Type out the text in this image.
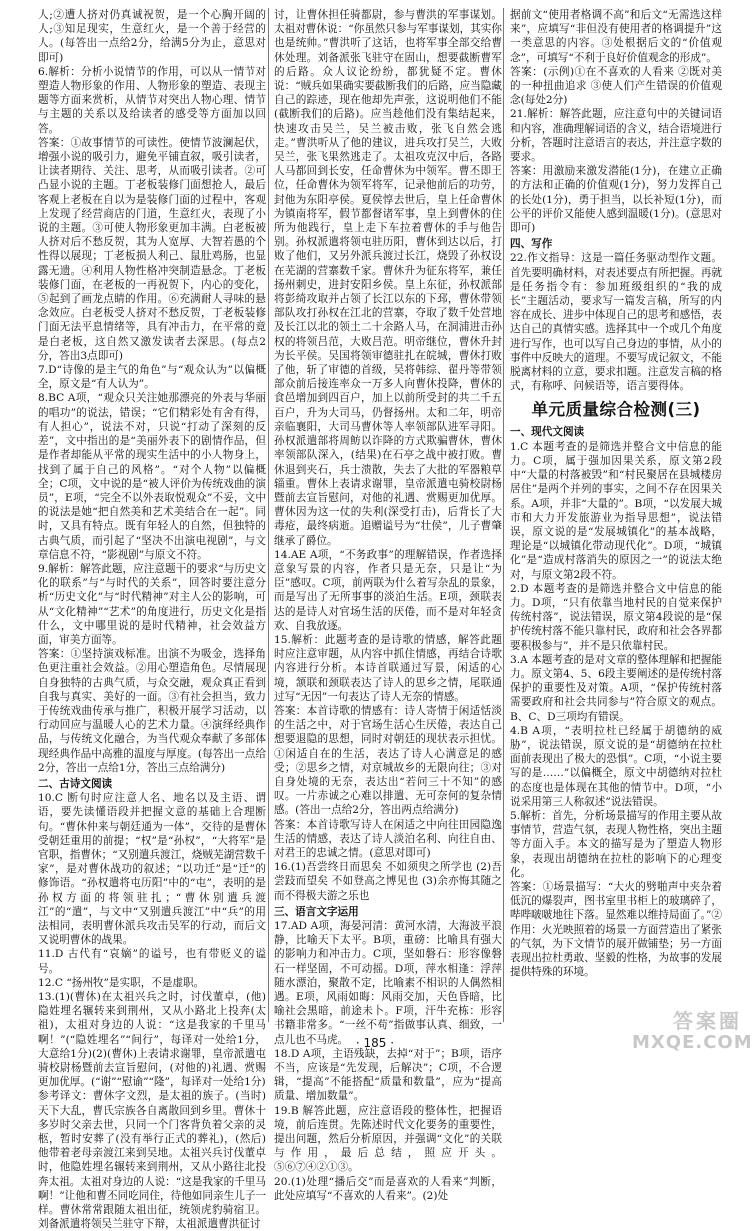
人;②遭人挤对仍真诚祝贺，是一个心胸开阔的人;③知足现实，生意红火，是一个善于经营的人。(每答出一点给2分，给满5分为止，意思对即可)

6.解析：分析小说情节的作用，可以从一情节对塑造人物形象的作用、人物形象的塑造、表现主题等方面来赏析，从情节对突出人物心理、情节与主题的关系以及给读者的感受等方面加以回答。

答案：①故事情节的可读性。使情节波澜起伏，增强小说的吸引力，避免平铺直叙，吸引读者，让读者期待、关注、思考，从而吸引读者。②可凸显小说的主题。丁老板装修门面想抢人，最后客观上老板在自以为是装修门面的过程中，客观上发现了经营商店的门道，生意红火，表现了小说的主题。③可使人物形象更加丰满。白老板被人挤对后不愁反贺，其为人宽厚、大智若愚的个性得以展现；丁老板损人利己、鼠肚鸡肠，也显露无遗。④利用人物性格冲突制造悬念。丁老板装修门面，在老板的一再祝贺下，内心的变化，⑤起到了画龙点睛的作用。⑥充满耐人寻味的悬念效应。白老板受人挤对不愁反贺，丁老板装修门面无法平息情绪等，具有冲击力，在平常的竟是白老板，这自然又激发读者去深思。(每点2分，答出3点即可)

7.D“诗像的是主气的角色”与“观众认为”以偏概全，原文是“有人认为”。

8.BC A项，“观众只关注她那漂亮的外表与华丽的唱功”的说法，错误；“它们精彩处有舍有得，有人担心”，说法不对，只说“打动了深刻的反差”，文中指出的是“美丽外表下的剧情作品，但是作者却能从平常的现实生活中的小人物身上，找到了属于自己的风格”。“对个人物”以偏概全；C项，文中说的是“被人评价为传统戏曲的演员”，E项，“完全不以外表取悦观众”不妥，文中的说法是她“把自然美和艺术美结合在一起”。同时，又具有特点。既有年轻人的自然，但独特的古典气质，而引起了“坚决不出演电视剧”，与文章信息不符，“影视剧”与原文不符。

9.解析：解答此题，应注意题干的要求“与历史文化的联系”与“与时代的关系”，回答时要注意分析“历史文化”与“时代精神”对主人公的影响，可从“文化精神”“艺术”的角度进行，历史文化是指什么，文中哪里说的是时代精神，社会效益方面，审美方面等。

答案：①坚持演戏标准。出演不为吸金，选择角色更注重社会效益。②用心塑造角色。尽情展现自身独特的古典气质，与众交融，观众真正看到自我与真实、美好的一面。③有社会担当，致力于传统戏曲传承与推广，积极开展学习活动，以行动回应与温暖人心的艺术力量。④演绎经典作品，与传统文化融合，为当代观众奉献了多部体现经典作品中高雅的温度与厚度。(每答出一点给2分，答出一点给1分，答出三点给满分)

二、古诗文阅读

10.C 断句时应注意人名、地名以及主语、谓语，要先读懂语段并把握文意的基础上合理断句。“曹休仲来与朝廷通为一体”，交待的是曹休受朝廷重用的前提；“权”是“孙权”，“大将军”是官职，指曹休；“又别遣兵渡江，烧贼芜湖营数千家”，是对曹休战功的叙述；“以功迁”是“迁”的修饰语。“孙权遣将屯历阳”中的“屯”，表明的是孙权方面的将领驻扎；“曹休别遣兵渡江”的“遣”，与文中“又别遣兵渡江”中“兵”的用法相同，表明曹休派兵攻击吴军的行动，而后文又说明曹休的战果。

11.D 古代有“哀嫡”的谥号，也有带贬义的谥号。

12.C “扬州牧”是实职，不是虚职。

13.(1)(曹休)在太祖兴兵之时，讨伐董卓，(他)隐姓埋名辗转来到荆州，又从小路北上投奔(太祖)，太祖对身边的人说：“这是我家的千里马啊！”(“隐姓埋名”“间行”，每译对一处给1分，大意给1分)(2)(曹休)上表请求谢罪，皇帝派遣屯骑校尉杨暨前去宣旨慰问，(对他的)礼遇、赏赐更加优厚。(“谢”“慰谕”“隆”，每译对一处给1分)

参考译文：曹休字文烈，是太祖的族子。(当时)天下大乱，曹氏宗族各自离散回到乡里。曹休十多岁时父亲去世，只同一个门客背负着父亲的灵柩，暂时安葬了(没有举行正式的葬礼)，(然后)他带着老母亲渡江来到吴地。太祖兴兵讨伐董卓时，他隐姓埋名辗转来到荆州，又从小路往北投奔太祖。太祖对身边的人说：“这是我家的千里马啊！”让他和曹丕同吃同住，待他如同亲生儿子一样。曹休常常跟随太祖出征，统领虎豹骑宿卫。刘备派遣将领吴兰驻守下辩，太祖派遣曹洪征讨

讨，让曹休担任骑都尉，参与曹洪的军事谋划。太祖对曹休说：“你虽然只参与军事谋划，其实你也是统帅。”曹洪听了这话，也将军事全部交给曹休处理。刘备派张飞驻守在固山，想要截断曹军的后路。众人议论纷纷，都犹疑不定。曹休说：“贼兵如果确实要截断我们的后路，应当隐藏自己的踪迹，现在他却先声张，这说明他们不能(截断我们的后路)。应当趁他们没有集结起来，快速攻击吴兰，吴兰被击败，张飞自然会逃走。”曹洪听从了他的建议，进兵攻打吴兰，大败吴兰，张飞果然逃走了。太祖攻克汉中后，各路人马都回到长安，任命曹休为中领军。曹丕即王位，任命曹休为领军将军，记录他前后的功劳，封他为东阳亭侯。夏侯惇去世后，皇上任命曹休为镇南将军，假节都督诸军事，皇上到曹休的住所为他践行，皇上走下车拉着曹休的手与他告别。孙权派遣将领屯驻历阳，曹休到达以后，打败了他们，又另外派兵渡过长江，烧毁了孙权设在芜湖的营寨数千家。曹休升为征东将军，兼任扬州刺史，进封安阳乡侯。皇上东征，孙权派部将彭绮攻取并占领了长江以东的下邳，曹休带领部队攻打孙权在江北的营寨，夺取了数千处营地及长江以北的领土二十余路人马，在洞浦进击孙权的将领吕范，大败吕范。明帝继位，曹休升封为长平侯。吴国将领审德驻扎在皖城，曹休打败了他，斩了审德的首级，吴将韩综、翟丹等带领部众前后接连率众一万多人向曹休投降，曹休的食邑增加到四百户，加上以前所受封的共二千五百户，升为大司马，仍督扬州。太和二年，明帝亲临襄阳，大司马曹休等人率领部队进军寻阳。孙权派遣部将周鲂以诈降的方式欺骗曹休，曹休率领部队深入，(结果)在石亭之战中被打败。曹休退到夹石，兵士溃散，失去了大批的军器粮草辎重。曹休上表请求谢罪，皇帝派遣屯骑校尉杨暨前去宣旨慰问，对他的礼遇、赏赐更加优厚。曹休因为这一仗的失利(深受打击)，后背长了大毒疮，最终病逝。追赠谥号为“壮侯”，儿子曹肇继承了爵位。

14.AE A项，“不务政事”的理解错误，作者选择意象写景的内容，作者只是无奈，只是让“为臣”感叹。C项，前两联为什么着写杂乱的景象，而是写出了无所事事的淡泊生活。E项，颈联表达的是诗人对官场生活的厌倦，而不是对年轻贪欢、自我放逐。

15.解析：此题考查的是诗歌的情感，解答此题时应注意审题，从内容中抓住情感，再结合诗歌内容进行分析。本诗首联通过写景，闲适的心境，颔联和颈联表达了诗人的思乡之情，尾联通过写“无因”一句表达了诗人无奈的情感。

答案：本首诗歌的情感有：诗人寄情于闲适恬淡的生活之中，对于官场生活心生厌倦，表达自己想要退隐的思想，同时对朝廷的现状表示担忧。①闲适自在的生活，表达了诗人心满意足的感受；②思乡之情，对京城故乡的无限向往；③对自身处境的无奈，表达出“若问三十不知”的感叹。一片赤诚之心难以排遣、无可奈何的复杂情感。(答出一点给2分，答出两点给满分)

答案：本首诗歌写诗人在闲适之中向往田园隐逸生活的情感，表达了诗人淡泊名利、向往自由、对君王的忠诚之情。(意思对即可)

16.(1)吾尝终日而思矣 不如须臾之所学也 (2)吾尝跂而望矣 不如登高之博见也 (3)余亦悔其随之 而不得极夫游之乐也

三、语言文字运用

17.AD A项，海晏河清：黄河水清，大海波平浪静，比喻天下太平。B项，重磅：比喻具有强大的影响力和冲击力。C项，坚如磐石：形容像磐石一样坚固，不可动摇。D项，萍水相逢：浮萍随水漂泊，聚散不定，比喻素不相识的人偶然相遇。E项，风雨如晦：风雨交加，天色昏暗，比喻社会黑暗，前途未卜。F项，汗牛充栋：形容书籍非常多。“一丝不苟”指做事认真、细致，一点儿也不马虎。

18.D A项，主语残缺，去掉“对于”；B项，语序不当，应该是“先发现，后解决”；C项，不合逻辑，“提高”不能搭配“质量和数量”，应为“提高质量、增加数量”。

19.B 解答此题，应注意语段的整体性，把握语境，前后连贯。先陈述时代文化要务的重要性，提出问题，然后分析原因，并强调“文化”的关联与作用，最后总结，照应开头。⑤⑥⑦④②①③。

20.(1)处理“播后交”而是喜欢的人看来”判断，此处应填写“不喜欢的人看来”。(2)处

据前文“使用者格调不高”和后文“无需选这样来”，应填写“非但没有使用者的格调提升”这一类意思的内容。③处根据后文的“价值观念”，可填写“不利于良好价值观念的形成”。

答案：(示例)①在不喜欢的人看来 ②既对美的一种扭曲追求 ③使人们产生错误的价值观念(每处2分)

21.解析：解答此题，应注意句中的关键词语和内容，准确理解词语的含义，结合语境进行分析，答题时注意语言的表达，并注意字数的要求。

答案：用激励来激发潜能(1分)，在建立正确的方法和正确的价值观(1分)，努力发挥自己的长处(1分)，勇于担当，以长补短(1分)，而公平的评价又能使人感到温暖(1分)。(意思对即可)

四、写作

22.作文指导：这是一篇任务驱动型作文题。首先要明确材料，对表述要点有所把握。再就是任务指令有：参加班级组织的“我的成长”主题活动，要求写一篇发言稿，所写的内容在成长、进步中体现自己的思考和感悟，表达自己的真情实感。选择其中一个或几个角度进行写作，也可以写自己身边的事情，从小的事件中反映大的道理。不要写成记叙文，不能脱离材料的立意，要求扣题。注意发言稿的格式，有称呼、问候语等，语言要得体。

单元质量综合检测(三)

一、现代文阅读

1.C 本题考查的是筛选并整合文中信息的能力。C项，属于强加因果关系，原文第2段中“大量的村落被毁”和“村民聚居在县城楼房居住”是两个并列的事实，之间不存在因果关系。A项，并非“大量的”。B项，“以发展大城市和大力开发旅游业为指导思想”，说法错误，原文说的是“发展城镇化”的基本战略，理论是“以城镇化带动现代化”。D项，“城镇化”是“造成村落消失的原因之一”的说法太绝对，与原文第2段不符。

2.D 本题考查的是筛选并整合文中信息的能力。D项，“只有依靠当地村民的自觉来保护传统村落”，说法错误，原文第4段说的是“保护传统村落不能只靠村民，政府和社会各界都要积极参与”，并不是只依靠村民。

3.A 本题考查的是对文章的整体理解和把握能力。原文第4、5、6段主要阐述的是传统村落保护的重要性及对策。A项，“保护传统村落需要政府和社会共同参与”符合原文的观点。B、C、D三项均有错误。

4.B A项，“表明拉杜已经属于胡德纳的威胁”，说法错误，原文说的是“胡德纳在拉杜面前表现出了极大的恐惧”。C项，“小说主要写的是……”以偏概全，原文中胡德纳对拉杜的态度也是体现在其他的情节中。D项，“小说采用第三人称叙述”说法错误。

5.解析：首先，分析场景描写的作用主要从故事情节，营造气氛，表现人物性格，突出主题等方面入手。本文的描写是为了塑造人物形象，表现出胡德纳在拉杜的影响下的心理变化。

答案：①场景描写：“大火的劈啪声中夹杂着低沉的爆裂声，图书室里书柜上的玻璃碎了，哔哔啵啵地往下落。显然难以维持局面了。”②作用：火光映照着的场景一方面营造出了紧张的气氛，为下文情节的展开做铺垫；另一方面表现出拉杜勇敢、坚毅的性格，为故事的发展提供特殊的环境。

· 185 ·
答案圈
MXQE.COM
